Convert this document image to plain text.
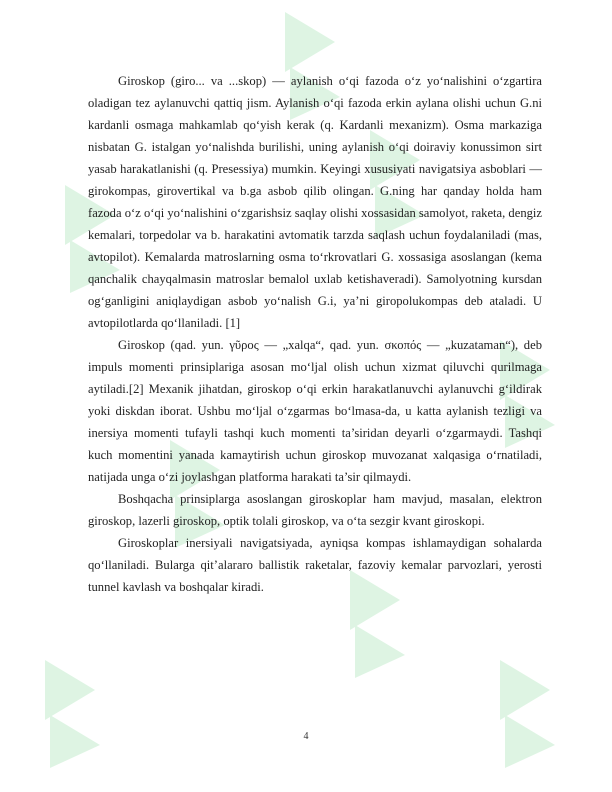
Giroskop (giro... va ...skop) — aylanish o‘qi fazoda o‘z yo‘nalishini o‘zgartira oladigan tez aylanuvchi qattiq jism. Aylanish o‘qi fazoda erkin aylana olishi uchun G.ni kardanli osmaga mahkamlab qo‘yish kerak (q. Kardanli mexanizm). Osma markaziga nisbatan G. istalgan yo‘nalishda burilishi, uning aylanish o‘qi doiraviy konussimon sirt yasab harakatlanishi (q. Presessiya) mumkin. Keyingi xususiyati navigatsiya asboblari — girokompas, girovertikal va b.ga asbob qilib olingan. G.ning har qanday holda ham fazoda o‘z o‘qi yo‘nalishini o‘zgarishsiz saqlay olishi xossasidan samolyot, raketa, dengiz kemalari, torpedolar va b. harakatini avtomatik tarzda saqlash uchun foydalaniladi (mas, avtopilot). Kemalarda matroslarning osma to‘rkrovatlari G. xossasiga asoslangan (kema qanchalik chayqalmasin matroslar bemalol uxlab ketishaveradi). Samolyotning kursdan og‘ganligini aniqlaydigan asbob yo‘nalish G.i, ya’ni giropolukompas deb ataladi. U avtopilotlarda qo‘llaniladi. [1]

Giroskop (qad. yun. γῦρος — „xalqa“, qad. yun. σκοπός — „kuzataman“), deb impuls momenti prinsiplariga asosan mo‘ljal olish uchun xizmat qiluvchi qurilmaga aytiladi.[2] Mexanik jihatdan, giroskop o‘qi erkin harakatlanuvchi aylanuvchi g‘ildirak yoki diskdan iborat. Ushbu mo‘ljal o‘zgarmas bo‘lmasa-da, u katta aylanish tezligi va inersiya momenti tufayli tashqi kuch momenti ta’siridan deyarli o‘zgarmaydi. Tashqi kuch momentini yanada kamaytirish uchun giroskop muvozanat xalqasiga o‘rnatiladi, natijada unga o‘zi joylashgan platforma harakati ta’sir qilmaydi.

Boshqacha prinsiplarga asoslangan giroskoplar ham mavjud, masalan, elektron giroskop, lazerli giroskop, optik tolali giroskop, va o‘ta sezgir kvant giroskopi.

Giroskoplar inersiyali navigatsiyada, ayniqsa kompas ishlamaydigan sohalarda qo‘llaniladi. Bularga qit’alararo ballistik raketalar, fazoviy kemalar parvozlari, yerosti tunnel kavlash va boshqalar kiradi.

4
